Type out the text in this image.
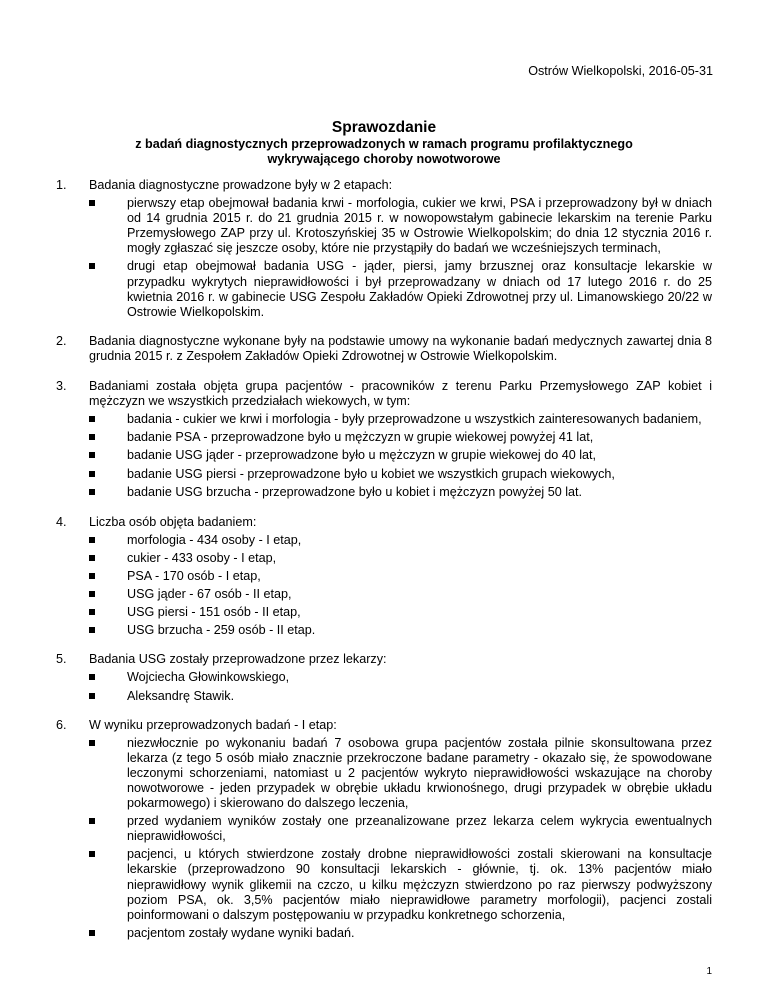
Ostrów Wielkopolski, 2016-05-31
Sprawozdanie
z badań diagnostycznych przeprowadzonych w ramach programu profilaktycznego
wykrywającego choroby nowotworowe
1. Badania diagnostyczne prowadzone były w 2 etapach:

pierwszy etap obejmował badania krwi - morfologia, cukier we krwi, PSA i przeprowadzony był w dniach od 14 grudnia 2015 r. do 21 grudnia 2015 r. w nowopowstałym gabinecie lekarskim na terenie Parku Przemysłowego ZAP przy ul. Krotoszyńskiej 35 w Ostrowie Wielkopolskim; do dnia 12 stycznia 2016 r. mogły zgłaszać się jeszcze osoby, które nie przystąpiły do badań we wcześniejszych terminach,
drugi etap obejmował badania USG - jąder, piersi, jamy brzusznej oraz konsultacje lekarskie w przypadku wykrytych nieprawidłowości i był przeprowadzany w dniach od 17 lutego 2016 r. do 25 kwietnia 2016 r. w gabinecie USG Zespołu Zakładów Opieki Zdrowotnej przy ul. Limanowskiego 20/22 w Ostrowie Wielkopolskim.
2. Badania diagnostyczne wykonane były na podstawie umowy na wykonanie badań medycznych zawartej dnia 8 grudnia 2015 r. z Zespołem Zakładów Opieki Zdrowotnej w Ostrowie Wielkopolskim.

3. Badaniami została objęta grupa pacjentów - pracowników z terenu Parku Przemysłowego ZAP kobiet i mężczyzn we wszystkich przedziałach wiekowych, w tym:

badania - cukier we krwi i morfologia - były przeprowadzone u wszystkich zainteresowanych badaniem,
badanie PSA - przeprowadzone było u mężczyzn w grupie wiekowej powyżej 41 lat,
badanie USG jąder - przeprowadzone było u mężczyzn w grupie wiekowej do 40 lat,
badanie USG piersi - przeprowadzone było u kobiet we wszystkich grupach wiekowych,
badanie USG brzucha - przeprowadzone było u kobiet i mężczyzn powyżej 50 lat.
4. Liczba osób objęta badaniem:

morfologia - 434 osoby - I etap,
cukier - 433 osoby - I etap,
PSA - 170 osób - I etap,
USG jąder - 67 osób - II etap,
USG piersi - 151 osób - II etap,
USG brzucha - 259 osób - II etap.
5. Badania USG zostały przeprowadzone przez lekarzy:

Wojciecha Głowinkowskiego,
Aleksandrę Stawik.
6. W wyniku przeprowadzonych badań - I etap:

niezwłocznie po wykonaniu badań 7 osobowa grupa pacjentów została pilnie skonsultowana przez lekarza (z tego 5 osób miało znacznie przekroczone badane parametry - okazało się, że spowodowane leczonymi schorzeniami, natomiast u 2 pacjentów wykryto nieprawidłowości wskazujące na choroby nowotworowe - jeden przypadek w obrębie układu krwionośnego, drugi przypadek w obrębie układu pokarmowego) i skierowano do dalszego leczenia,
przed wydaniem wyników zostały one przeanalizowane przez lekarza celem wykrycia ewentualnych nieprawidłowości,
pacjenci, u których stwierdzone zostały drobne nieprawidłowości zostali skierowani na konsultacje lekarskie (przeprowadzono 90 konsultacji lekarskich - głównie, tj. ok. 13% pacjentów miało nieprawidłowy wynik glikemii na czczo, u kilku mężczyzn stwierdzono po raz pierwszy podwyższony poziom PSA, ok. 3,5% pacjentów miało nieprawidłowe parametry morfologii), pacjenci zostali poinformowani o dalszym postępowaniu w przypadku konkretnego schorzenia,
pacjentom zostały wydane wyniki badań.
1
